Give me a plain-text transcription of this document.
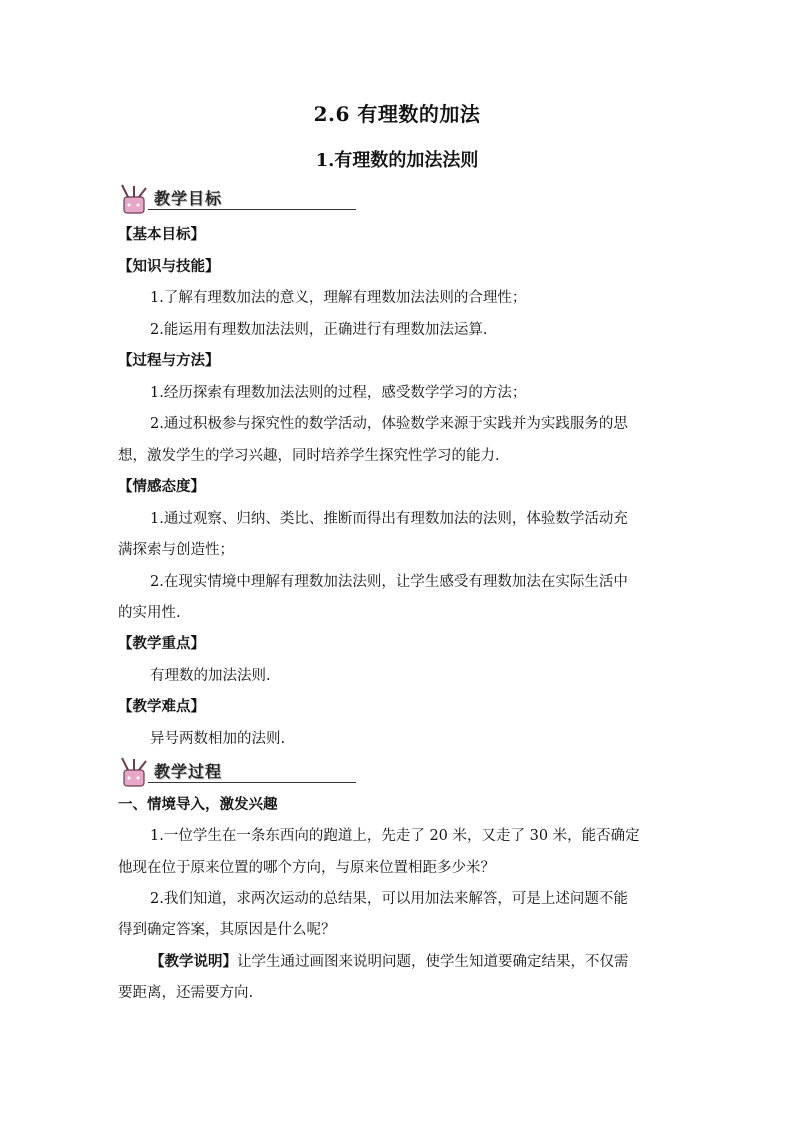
2.6 有理数的加法
1.有理数的加法法则
教学目标
【基本目标】
【知识与技能】
1.了解有理数加法的意义，理解有理数加法法则的合理性；
2.能运用有理数加法法则，正确进行有理数加法运算.
【过程与方法】
1.经历探索有理数加法法则的过程，感受数学学习的方法；
2.通过积极参与探究性的数学活动，体验数学来源于实践并为实践服务的思
想，激发学生的学习兴趣，同时培养学生探究性学习的能力.
【情感态度】
1.通过观察、归纳、类比、推断而得出有理数加法的法则，体验数学活动充
满探索与创造性；
2.在现实情境中理解有理数加法法则，让学生感受有理数加法在实际生活中
的实用性.
【教学重点】
有理数的加法法则.
【教学难点】
异号两数相加的法则.
教学过程
一、情境导入，激发兴趣
1.一位学生在一条东西向的跑道上，先走了 20 米，又走了 30 米，能否确定
他现在位于原来位置的哪个方向，与原来位置相距多少米？
2.我们知道，求两次运动的总结果，可以用加法来解答，可是上述问题不能
得到确定答案，其原因是什么呢？
【教学说明】让学生通过画图来说明问题，使学生知道要确定结果，不仅需
要距离，还需要方向.
